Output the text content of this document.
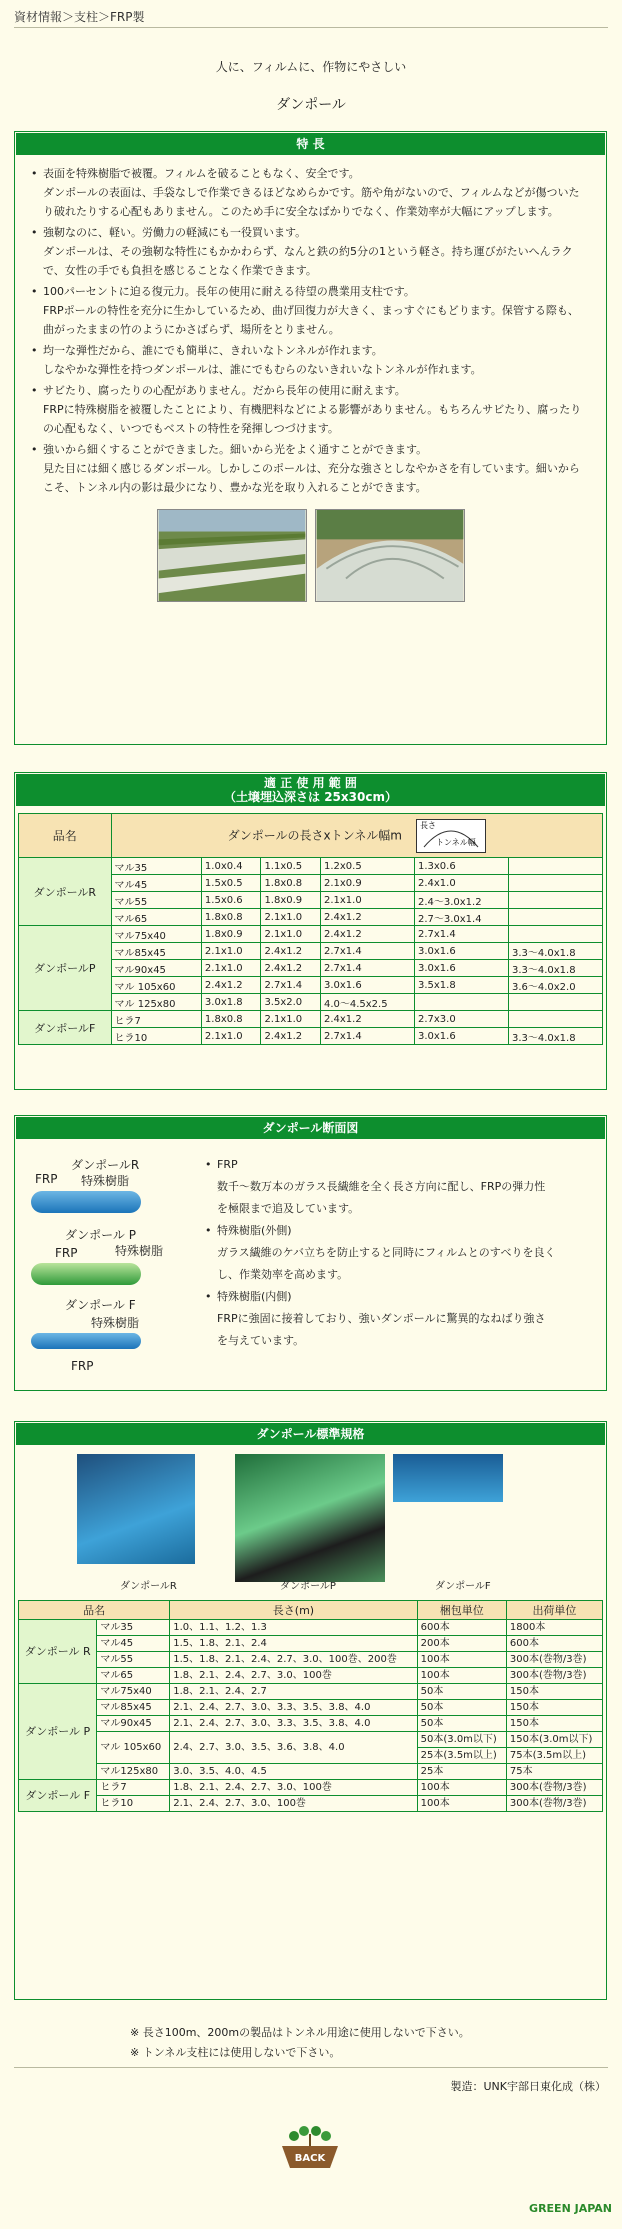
資材情報＞支柱＞FRP製
人に、フィルムに、作物にやさしい
ダンポール
特 長
• 表面を特殊樹脂で被覆。フィルムを破ることもなく、安全です。
ダンポールの表面は、手袋なしで作業できるほどなめらかです。筋や角がないので、フィルムなどが傷ついたり破れたりする心配もありません。このため手に安全なばかりでなく、作業効率が大幅にアップします。
• 強靭なのに、軽い。労働力の軽減にも一役買います。
ダンポールは、その強靭な特性にもかかわらず、なんと鉄の約5分の1という軽さ。持ち運びがたいへんラクで、女性の手でも負担を感じることなく作業できます。
• 100パーセントに迫る復元力。長年の使用に耐える待望の農業用支柱です。
FRPポールの特性を充分に生かしているため、曲げ回復力が大きく、まっすぐにもどります。保管する際も、曲がったままの竹のようにかさばらず、場所をとりません。
• 均一な弾性だから、誰にでも簡単に、きれいなトンネルが作れます。
しなやかな弾性を持つダンポールは、誰にでもむらのないきれいなトンネルが作れます。
• サビたり、腐ったりの心配がありません。だから長年の使用に耐えます。
FRPに特殊樹脂を被覆したことにより、有機肥料などによる影響がありません。もちろんサビたり、腐ったりの心配もなく、いつでもベストの特性を発揮しつづけます。
• 強いから細くすることができました。細いから光をよく通すことができます。
見た目には細く感じるダンポール。しかしこのポールは、充分な強さとしなやかさを有しています。細いからこそ、トンネル内の影は最少になり、豊かな光を取り入れることができます。
適 正 使 用 範 囲
（土壌埋込深さは 25x30cm）
品名	ダンポールの長さxトンネル幅m
長さ
トンネル幅					

ダンポールR	マル35	1.0x0.4	1.1x0.5	1.2x0.5	1.3x0.6	
	マル45	1.5x0.5	1.8x0.8	2.1x0.9	2.4x1.0	
	マル55	1.5x0.6	1.8x0.9	2.1x1.0	2.4〜3.0x1.2	
	マル65	1.8x0.8	2.1x1.0	2.4x1.2	2.7〜3.0x1.4	
ダンポールP	マル75x40	1.8x0.9	2.1x1.0	2.4x1.2	2.7x1.4	
	マル85x45	2.1x1.0	2.4x1.2	2.7x1.4	3.0x1.6	3.3〜4.0x1.8
	マル90x45	2.1x1.0	2.4x1.2	2.7x1.4	3.0x1.6	3.3〜4.0x1.8
	マル 105x60	2.4x1.2	2.7x1.4	3.0x1.6	3.5x1.8	3.6〜4.0x2.0
	マル 125x80	3.0x1.8	3.5x2.0	4.0〜4.5x2.5		
ダンポールF	ヒラ7	1.8x0.8	2.1x1.0	2.4x1.2	2.7x3.0	
	ヒラ10	2.1x1.0	2.4x1.2	2.7x1.4	3.0x1.6	3.3〜4.0x1.8
ダンポール断面図
ダンポールR
FRP 特殊樹脂
ダンポール P
FRP	特殊樹脂
ダンポール F
特殊樹脂
FRP
• FRP
数千〜数万本のガラス長繊維を全く長さ方向に配し、FRPの弾力性
を極限まで追及しています。
• 特殊樹脂(外側)
ガラス繊維のケバ立ちを防止すると同時にフィルムとのすべりを良く
し、作業効率を高めます。
• 特殊樹脂(内側)
FRPに強固に接着しており、強いダンポールに驚異的なねばり強さ
を与えています。
ダンポール標準規格
ダンポールR	ダンポールP	ダンポールF
品名		長さ(m)	梱包単位	出荷単位
ダンポール R	マル35	1.0、1.1、1.2、1.3	600本	1800本
	マル45	1.5、1.8、2.1、2.4	200本	600本
	マル55	1.5、1.8、2.1、2.4、2.7、3.0、100巻、200巻	100本	300本(巻物/3巻)
	マル65	1.8、2.1、2.4、2.7、3.0、100巻	100本	300本(巻物/3巻)
ダンポール P	マル75x40	1.8、2.1、2.4、2.7	50本	150本
	マル85x45	2.1、2.4、2.7、3.0、3.3、3.5、3.8、4.0	50本	150本
	マル90x45	2.1、2.4、2.7、3.0、3.3、3.5、3.8、4.0	50本	150本
	マル 105x60	2.4、2.7、3.0、3.5、3.6、3.8、4.0	50本(3.0m以下)	150本(3.0m以下)
			25本(3.5m以上)	75本(3.5m以上)
	マル125x80	3.0、3.5、4.0、4.5	25本	75本
ダンポール F	ヒラ7	1.8、2.1、2.4、2.7、3.0、100巻	100本	300本(巻物/3巻)
	ヒラ10	2.1、2.4、2.7、3.0、100巻	100本	300本(巻物/3巻)
※ 長さ100m、200mの製品はトンネル用途に使用しないで下さい。
※ トンネル支柱には使用しないで下さい。
製造：UNK宇部日東化成（株）
BACK
GREEN JAPAN
